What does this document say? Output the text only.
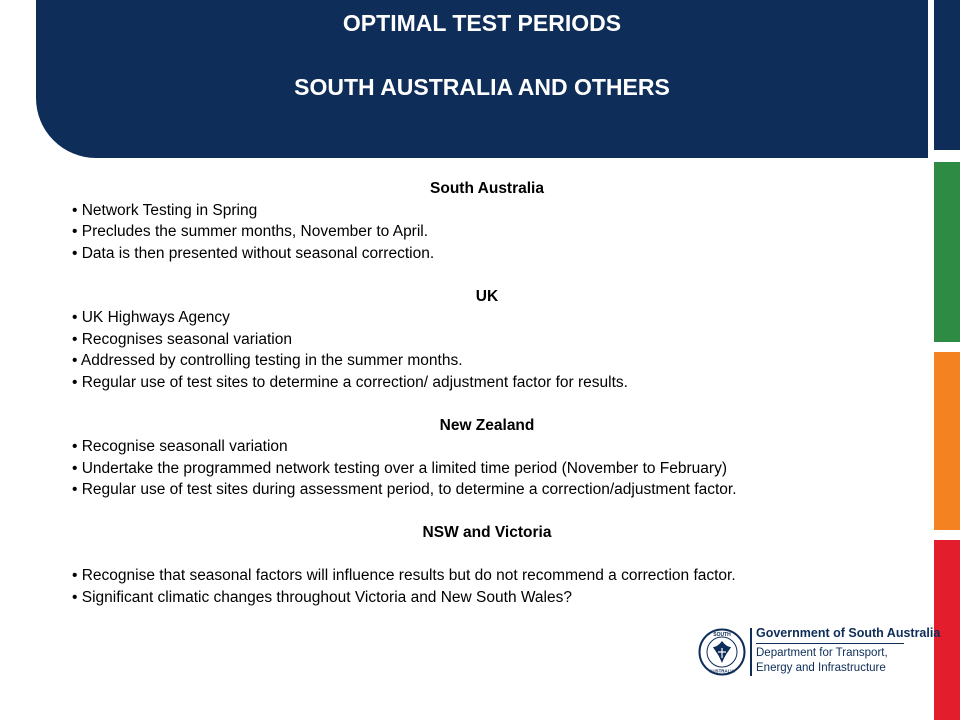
OPTIMAL TEST PERIODS
SOUTH AUSTRALIA AND OTHERS
South Australia
• Network Testing in Spring
• Precludes the summer months, November to April.
• Data is then presented without seasonal correction.
UK
• UK Highways Agency
• Recognises seasonal variation
• Addressed by controlling testing in the summer months.
• Regular use of test sites to determine a correction/ adjustment factor for results.
New Zealand
• Recognise seasonall variation
• Undertake the programmed network testing over a limited time period (November to February)
• Regular use of test sites during assessment period, to determine a correction/adjustment factor.
NSW and Victoria
• Recognise that seasonal factors will influence results but do not recommend a correction factor.
• Significant climatic changes throughout Victoria and New South Wales?
SOUTH
AUSTRALIA
Government of South Australia
Department for Transport,
Energy and Infrastructure
